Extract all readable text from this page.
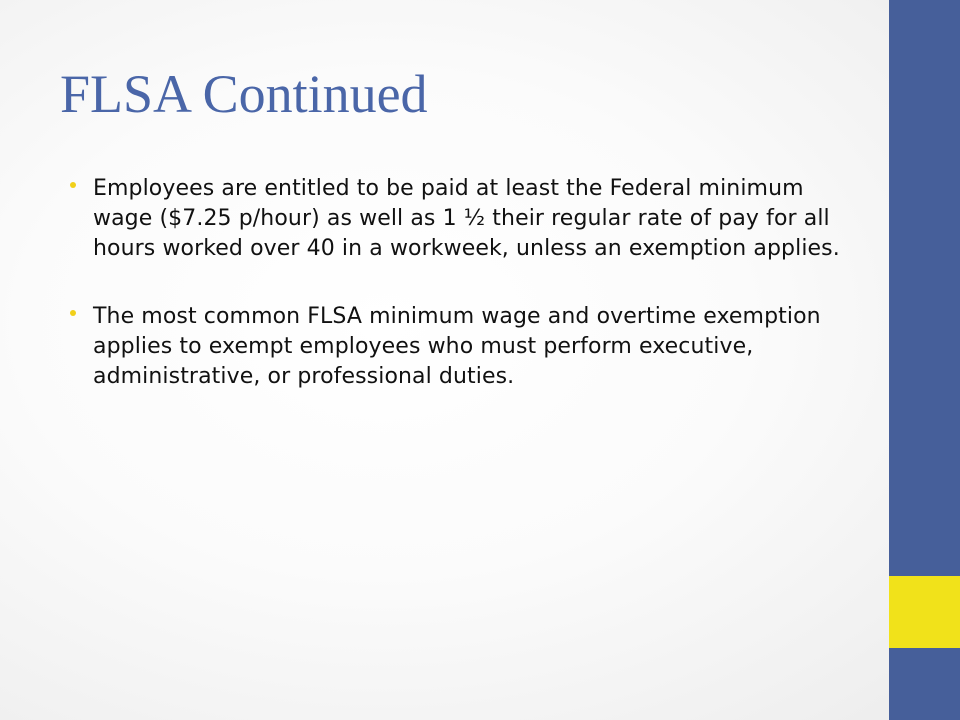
FLSA Continued
Employees are entitled to be paid at least the Federal minimum wage ($7.25 p/hour) as well as 1 ½ their regular rate of pay for all hours worked over 40 in a workweek, unless an exemption applies.
The most common FLSA minimum wage and overtime exemption applies to exempt employees who must perform executive, administrative, or professional duties.
